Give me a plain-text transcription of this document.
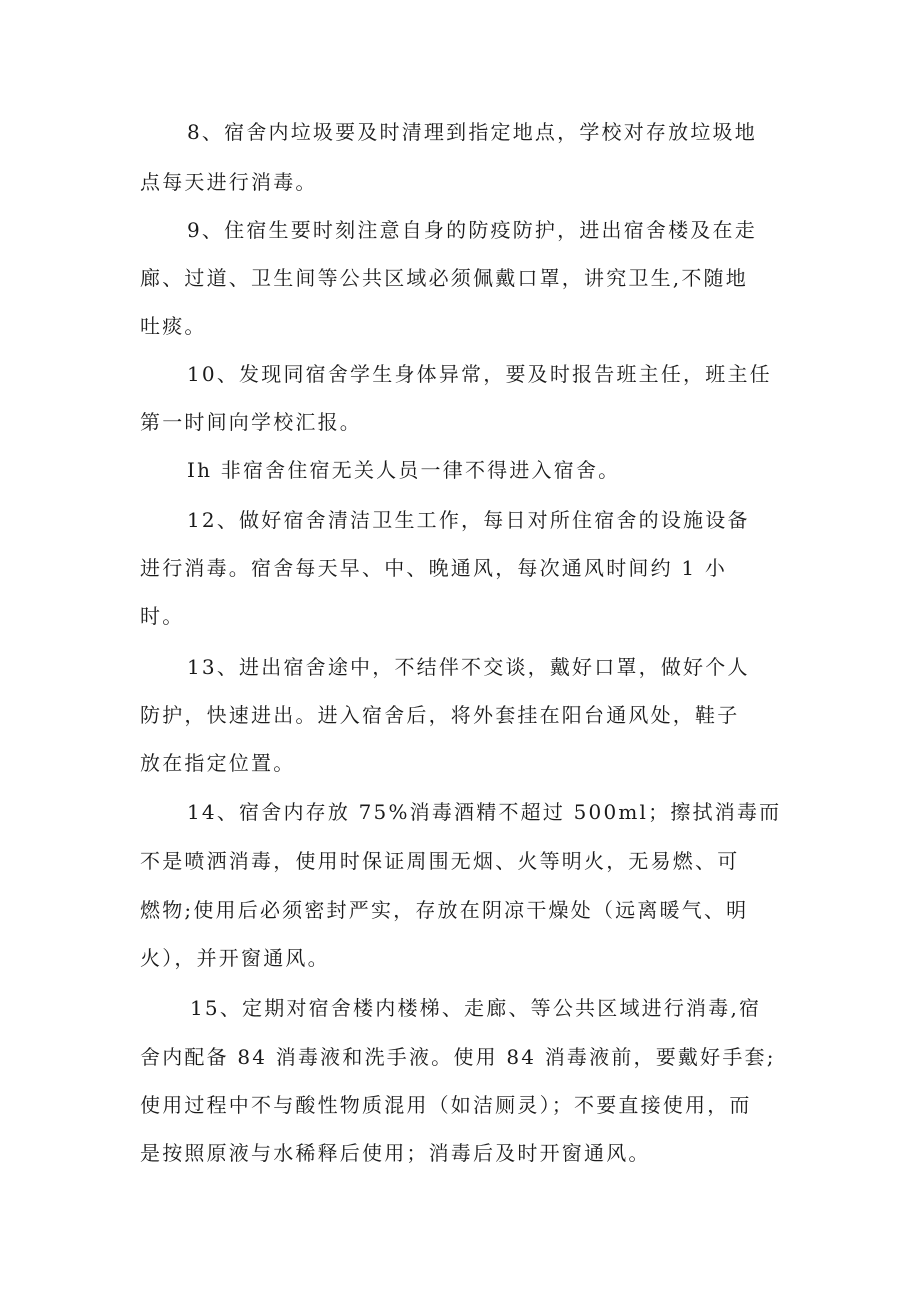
8、宿舍内垃圾要及时清理到指定地点，学校对存放垃圾地
点每天进行消毒。
9、住宿生要时刻注意自身的防疫防护，进出宿舍楼及在走
廊、过道、卫生间等公共区域必须佩戴口罩，讲究卫生,不随地
吐痰。
10、发现同宿舍学生身体异常，要及时报告班主任，班主任
第一时间向学校汇报。
Ih 非宿舍住宿无关人员一律不得进入宿舍。
12、做好宿舍清洁卫生工作，每日对所住宿舍的设施设备
进行消毒。宿舍每天早、中、晚通风，每次通风时间约 1 小
时。
13、进出宿舍途中，不结伴不交谈，戴好口罩，做好个人
防护，快速进出。进入宿舍后，将外套挂在阳台通风处，鞋子
放在指定位置。
14、宿舍内存放 75%消毒酒精不超过 500ml；擦拭消毒而
不是喷洒消毒，使用时保证周围无烟、火等明火，无易燃、可
燃物;使用后必须密封严实，存放在阴凉干燥处（远离暖气、明
火），并开窗通风。
15、定期对宿舍楼内楼梯、走廊、等公共区域进行消毒,宿
舍内配备 84 消毒液和洗手液。使用 84 消毒液前，要戴好手套;
使用过程中不与酸性物质混用（如洁厕灵）；不要直接使用，而
是按照原液与水稀释后使用；消毒后及时开窗通风。
